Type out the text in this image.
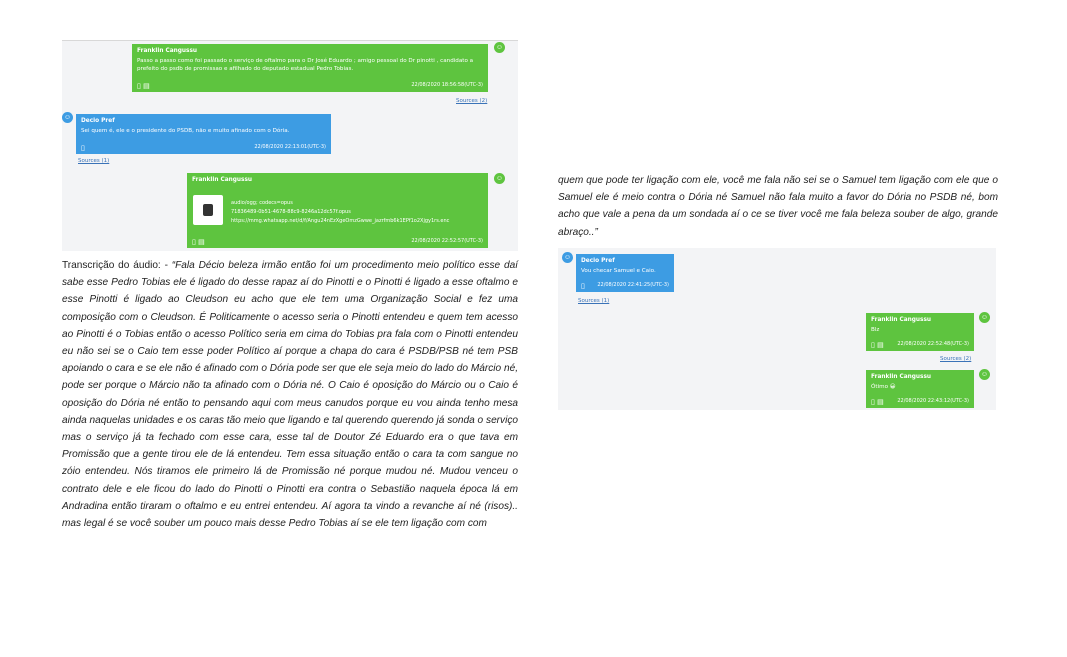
Franklin Cangussu
Passo a passo como foi passado o serviço de oftalmo para o Dr José Eduardo ; amigo pessoal do Dr pinotti , candidato a prefeito do psdb de promissao e afilhado do deputado estadual Pedro Tobias.
▯ ▤	22/08/2020 18:56:58(UTC-3)
☺
Sources (2)
☺	Decio Pref
Sei quem é, ele e o presidente do PSDB, não e muito afinado com o Dória.
▯	22/08/2020 22:13:01(UTC-3)
Sources (1)
Franklin Cangussu
audio/ogg; codecs=opus
71836489-0b51-4678-88c9-8246a12dc57f.opus
https://mmg.whatsapp.net/d/f/Angu24nEzXgeOmzGwwe_jazrfmb6k1EPf1o2Xjgy1rs.enc
▯ ▤	22/08/2020 22:52:57(UTC-3)
☺

Transcrição do áudio: - “Fala Décio beleza irmão então foi um procedimento meio político esse daí sabe esse Pedro Tobias ele é ligado do desse rapaz aí do Pinotti e o Pinotti é ligado a esse oftalmo e esse Pinotti é ligado ao Cleudson eu acho que ele tem uma Organização Social e fez uma composição com o Cleudson. É Politicamente o acesso seria o Pinotti entendeu e quem tem acesso ao Pinotti é o Tobias então o acesso Político seria em cima do Tobias pra fala com o Pinotti entendeu eu não sei se o Caio tem esse poder Político aí porque a chapa do cara é PSDB/PSB né tem PSB apoiando o cara e se ele não é afinado com o Dória pode ser que ele seja meio do lado do Márcio né, pode ser porque o Márcio não ta afinado com o Dória né. O Caio é oposição do Márcio ou o Caio é oposição do Dória né então to pensando aqui com meus canudos porque eu vou ainda tenho mesa ainda naquelas unidades e os caras tão meio que ligando e tal querendo querendo já sonda o serviço mas o serviço já ta fechado com esse cara, esse tal de Doutor Zé Eduardo era o que tava em Promissão que a gente tirou ele de lá entendeu. Tem essa situação então o cara ta com sangue no zóio entendeu. Nós tiramos ele primeiro lá de Promissão né porque mudou né. Mudou venceu o contrato dele e ele ficou do lado do Pinotti o Pinotti era contra o Sebastião naquela época lá em Andradina então tiraram o oftalmo e eu entrei entendeu. Aí agora ta vindo a revanche aí né (risos).. mas legal é se você souber um pouco mais desse Pedro Tobias aí se ele tem ligação com com

quem que pode ter ligação com ele, você me fala não sei se o Samuel tem ligação com ele que o Samuel ele é meio contra o Dória né Samuel não fala muito a favor do Dória no PSDB né, bom acho que vale a pena da um sondada aí o ce se tiver você me fala beleza souber de algo, grande abraço..”

☺	Decio Pref
Vou checar Samuel e Caio.
▯ 22/08/2020 22:41:25(UTC-3)
Sources (1)
Franklin Cangussu
Blz
▯ ▤	22/08/2020 22:52:48(UTC-3)
☺
Sources (2)
Franklin Cangussu
Ótimo 😀
▯ ▤	22/08/2020 22:43:12(UTC-3)
☺
